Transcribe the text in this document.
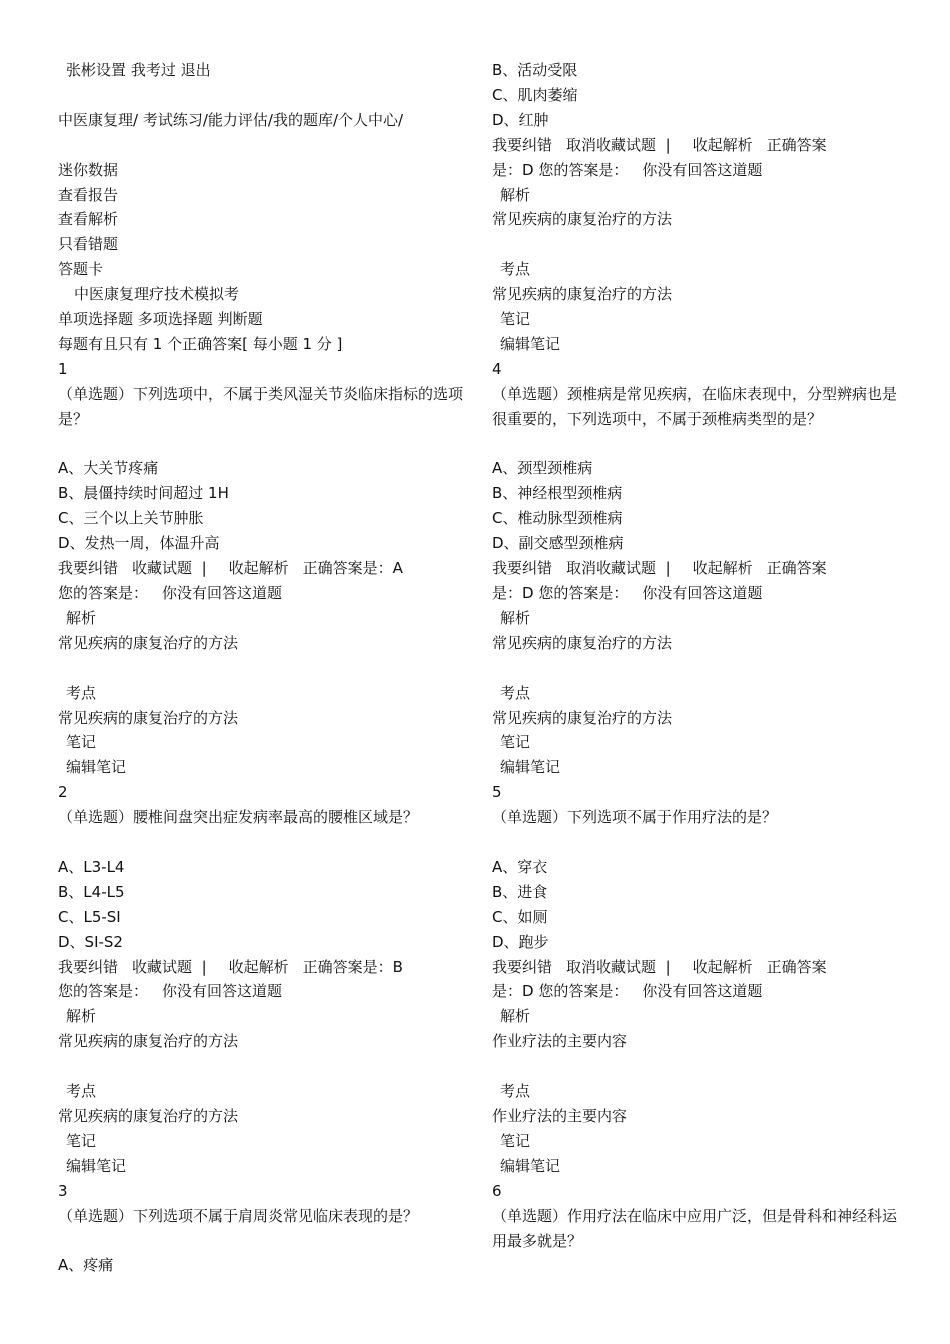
张彬设置 我考过 退出
中医康复理/ 考试练习/能力评估/我的题库/个人中心/
迷你数据
查看报告
查看解析
只看错题
答题卡
中医康复理疗技术模拟考
单项选择题 多项选择题 判断题
每题有且只有 1 个正确答案[ 每小题 1 分 ]
1
（单选题）下列选项中，不属于类风湿关节炎临床指标的选项是？
A、大关节疼痛
B、晨僵持续时间超过 1H
C、三个以上关节肿胀
D、发热一周，体温升高
我要纠错 收藏试题 | 收起解析 正确答案是：A
您的答案是： 你没有回答这道题
解析
常见疾病的康复治疗的方法
考点
常见疾病的康复治疗的方法
笔记
编辑笔记
2
（单选题）腰椎间盘突出症发病率最高的腰椎区域是？
A、L3-L4
B、L4-L5
C、L5-SI
D、SI-S2
我要纠错 收藏试题 | 收起解析 正确答案是：B
您的答案是： 你没有回答这道题
解析
常见疾病的康复治疗的方法
考点
常见疾病的康复治疗的方法
笔记
编辑笔记
3
（单选题）下列选项不属于肩周炎常见临床表现的是？
A、疼痛
B、活动受限
C、肌肉萎缩
D、红肿
我要纠错 取消收藏试题 | 收起解析 正确答案
是：D 您的答案是： 你没有回答这道题
解析
常见疾病的康复治疗的方法
考点
常见疾病的康复治疗的方法
笔记
编辑笔记
4
（单选题）颈椎病是常见疾病，在临床表现中，分型辨病也是很重要的，下列选项中，不属于颈椎病类型的是？
A、颈型颈椎病
B、神经根型颈椎病
C、椎动脉型颈椎病
D、副交感型颈椎病
我要纠错 取消收藏试题 | 收起解析 正确答案
是：D 您的答案是： 你没有回答这道题
解析
常见疾病的康复治疗的方法
考点
常见疾病的康复治疗的方法
笔记
编辑笔记
5
（单选题）下列选项不属于作用疗法的是？
A、穿衣
B、进食
C、如厕
D、跑步
我要纠错 取消收藏试题 | 收起解析 正确答案
是：D 您的答案是： 你没有回答这道题
解析
作业疗法的主要内容
考点
作业疗法的主要内容
笔记
编辑笔记
6
（单选题）作用疗法在临床中应用广泛，但是骨科和神经科运用最多就是？
